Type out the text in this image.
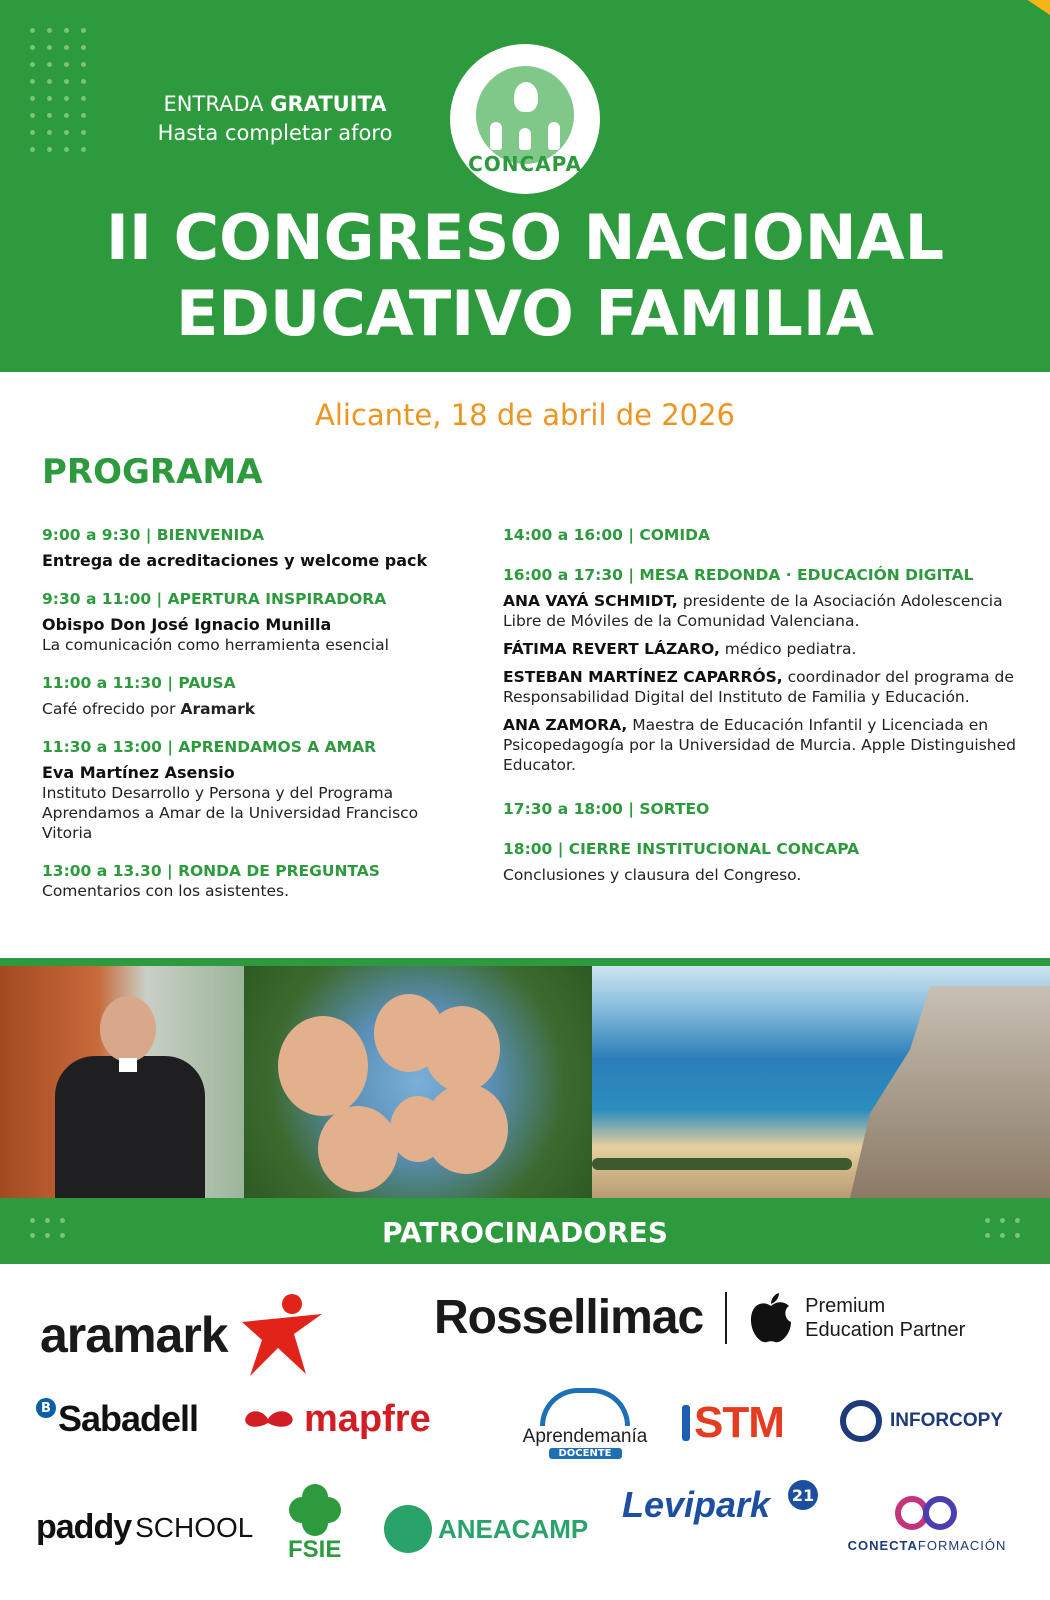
ENTRADA GRATUITA
Hasta completar aforo
CONCAPA
II CONGRESO NACIONAL
EDUCATIVO FAMILIA
Alicante, 18 de abril de 2026
PROGRAMA
9:00 a 9:30 | BIENVENIDA
Entrega de acreditaciones y welcome pack
9:30 a 11:00 | APERTURA INSPIRADORA
Obispo Don José Ignacio Munilla
La comunicación como herramienta esencial
11:00 a 11:30 | PAUSA
Café ofrecido por Aramark
11:30 a 13:00 | APRENDAMOS A AMAR
Eva Martínez Asensio
Instituto Desarrollo y Persona y del Programa Aprendamos a Amar de la Universidad Francisco Vitoria
13:00 a 13.30 | RONDA DE PREGUNTAS
Comentarios con los asistentes.
14:00 a 16:00 | COMIDA
16:00 a 17:30 | MESA REDONDA · EDUCACIÓN DIGITAL
ANA VAYÁ SCHMIDT, presidente de la Asociación Adolescencia Libre de Móviles de la Comunidad Valenciana.
FÁTIMA REVERT LÁZARO, médico pediatra.
ESTEBAN MARTÍNEZ CAPARRÓS, coordinador del programa de Responsabilidad Digital del Instituto de Familia y Educación.
ANA ZAMORA, Maestra de Educación Infantil y Licenciada en Psicopedagogía por la Universidad de Murcia. Apple Distinguished Educator.
17:30 a 18:00 | SORTEO
18:00 | CIERRE INSTITUCIONAL CONCAPA
Conclusiones y clausura del Congreso.
PATROCINADORES
aramark	Rossellimac	Premium
Education Partner
B Sabadell	mapfre	Aprendemanía
DOCENTE
STM	INFORCOPY
paddy SCHOOL
FSIE
ANEACAMP
Levipark 21
CONECTAFORMACIÓN
